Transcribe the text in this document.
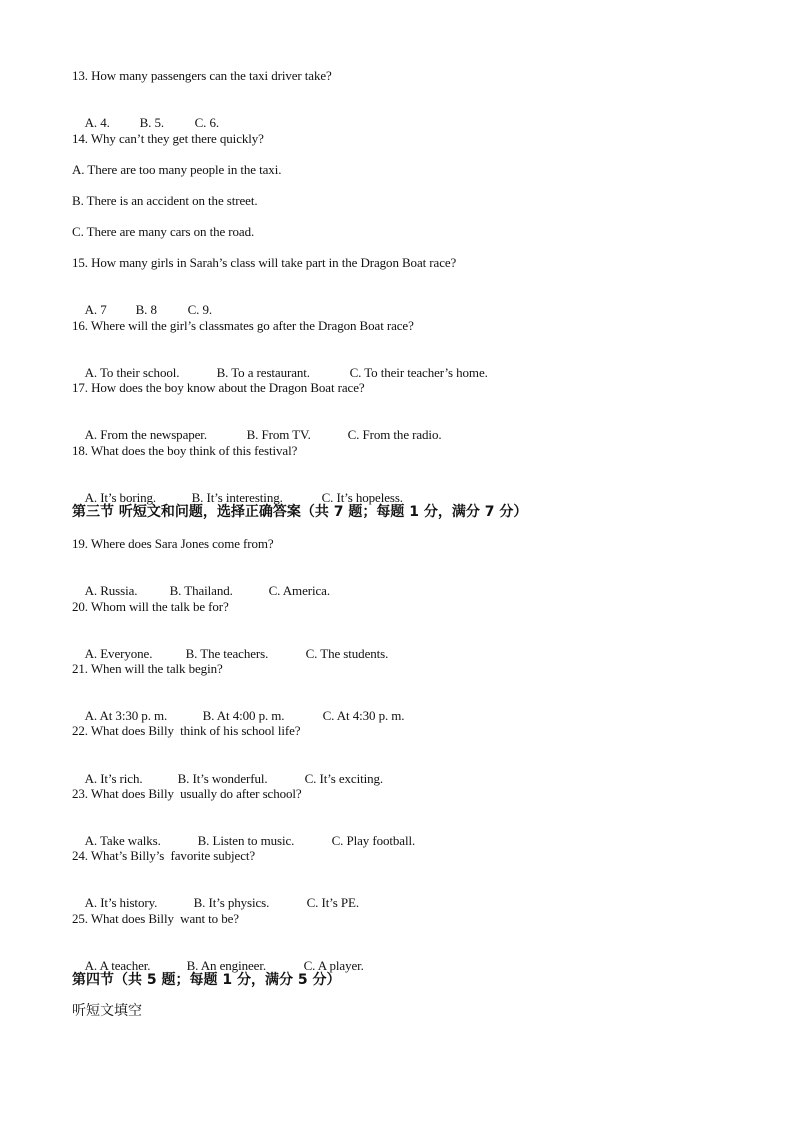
13. How many passengers can the taxi driver take?

A. 4. B. 5. C. 6.

14. Why can’t they get there quickly?
A. There are too many people in the taxi.
B. There is an accident on the street.
C. There are many cars on the road.
15. How many girls in Sarah’s class will take part in the Dragon Boat race?

A. 7 B. 8 C. 9.

16. Where will the girl’s classmates go after the Dragon Boat race?

A. To their school.	B. To a restaurant.	C. To their teacher’s home.

17. How does the boy know about the Dragon Boat race?

A. From the newspaper.	B. From TV.	C. From the radio.

18. What does the boy think of this festival?

A. It’s boring.	B. It’s interesting.	C. It’s hopeless.

第三节 听短文和问题，选择正确答案（共 7 题；每题 1 分，满分 7 分）
19. Where does Sara Jones come from?

A. Russia. B. Thailand.	C. America.

20. Whom will the talk be for?

A. Everyone.	B. The teachers.	C. The students.

21. When will the talk begin?

A. At 3:30 p. m.	B. At 4:00 p. m.	C. At 4:30 p. m.

22. What does Billy  think of his school life?

A. It’s rich.	B. It’s wonderful.	C. It’s exciting.

23. What does Billy  usually do after school?

A. Take walks.	B. Listen to music.	C. Play football.

24. What’s Billy’s  favorite subject?

A. It’s history.	B. It’s physics.	C. It’s PE.

25. What does Billy  want to be?

A. A teacher.	B. An engineer.	C. A player.

第四节（共 5 题；每题 1 分，满分 5 分）
听短文填空
